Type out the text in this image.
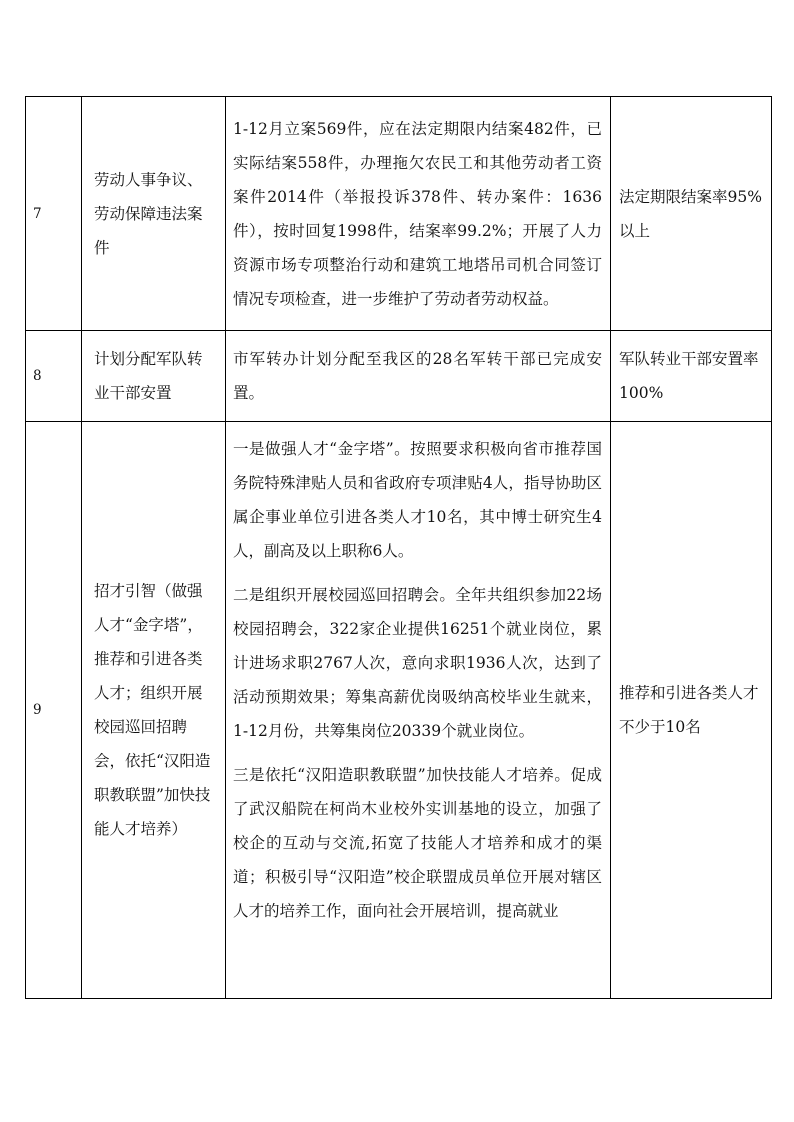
7	劳动人事争议、劳动保障违法案件	1-12月立案569件，应在法定期限内结案482件，已实际结案558件，办理拖欠农民工和其他劳动者工资案件2014件（举报投诉378件、转办案件：1636件），按时回复1998件，结案率99.2%；开展了人力资源市场专项整治行动和建筑工地塔吊司机合同签订情况专项检查，进一步维护了劳动者劳动权益。	法定期限结案率95%以上

8	计划分配军队转业干部安置	市军转办计划分配至我区的28名军转干部已完成安置。	军队转业干部安置率100%

9	招才引智（做强人才“金字塔”，推荐和引进各类人才；组织开展校园巡回招聘会，依托“汉阳造职教联盟”加快技能人才培养）	一是做强人才“金字塔”。按照要求积极向省市推荐国务院特殊津贴人员和省政府专项津贴4人，指导协助区属企事业单位引进各类人才10名，其中博士研究生4人，副高及以上职称6人。
二是组织开展校园巡回招聘会。全年共组织参加22场校园招聘会，322家企业提供16251个就业岗位，累计进场求职2767人次，意向求职1936人次，达到了活动预期效果；筹集高薪优岗吸纳高校毕业生就来，1-12月份，共筹集岗位20339个就业岗位。
三是依托“汉阳造职教联盟”加快技能人才培养。促成了武汉船院在柯尚木业校外实训基地的设立，加强了校企的互动与交流,拓宽了技能人才培养和成才的渠道；积极引导“汉阳造”校企联盟成员单位开展对辖区人才的培养工作，面向社会开展培训，提高就业	推荐和引进各类人才不少于10名
